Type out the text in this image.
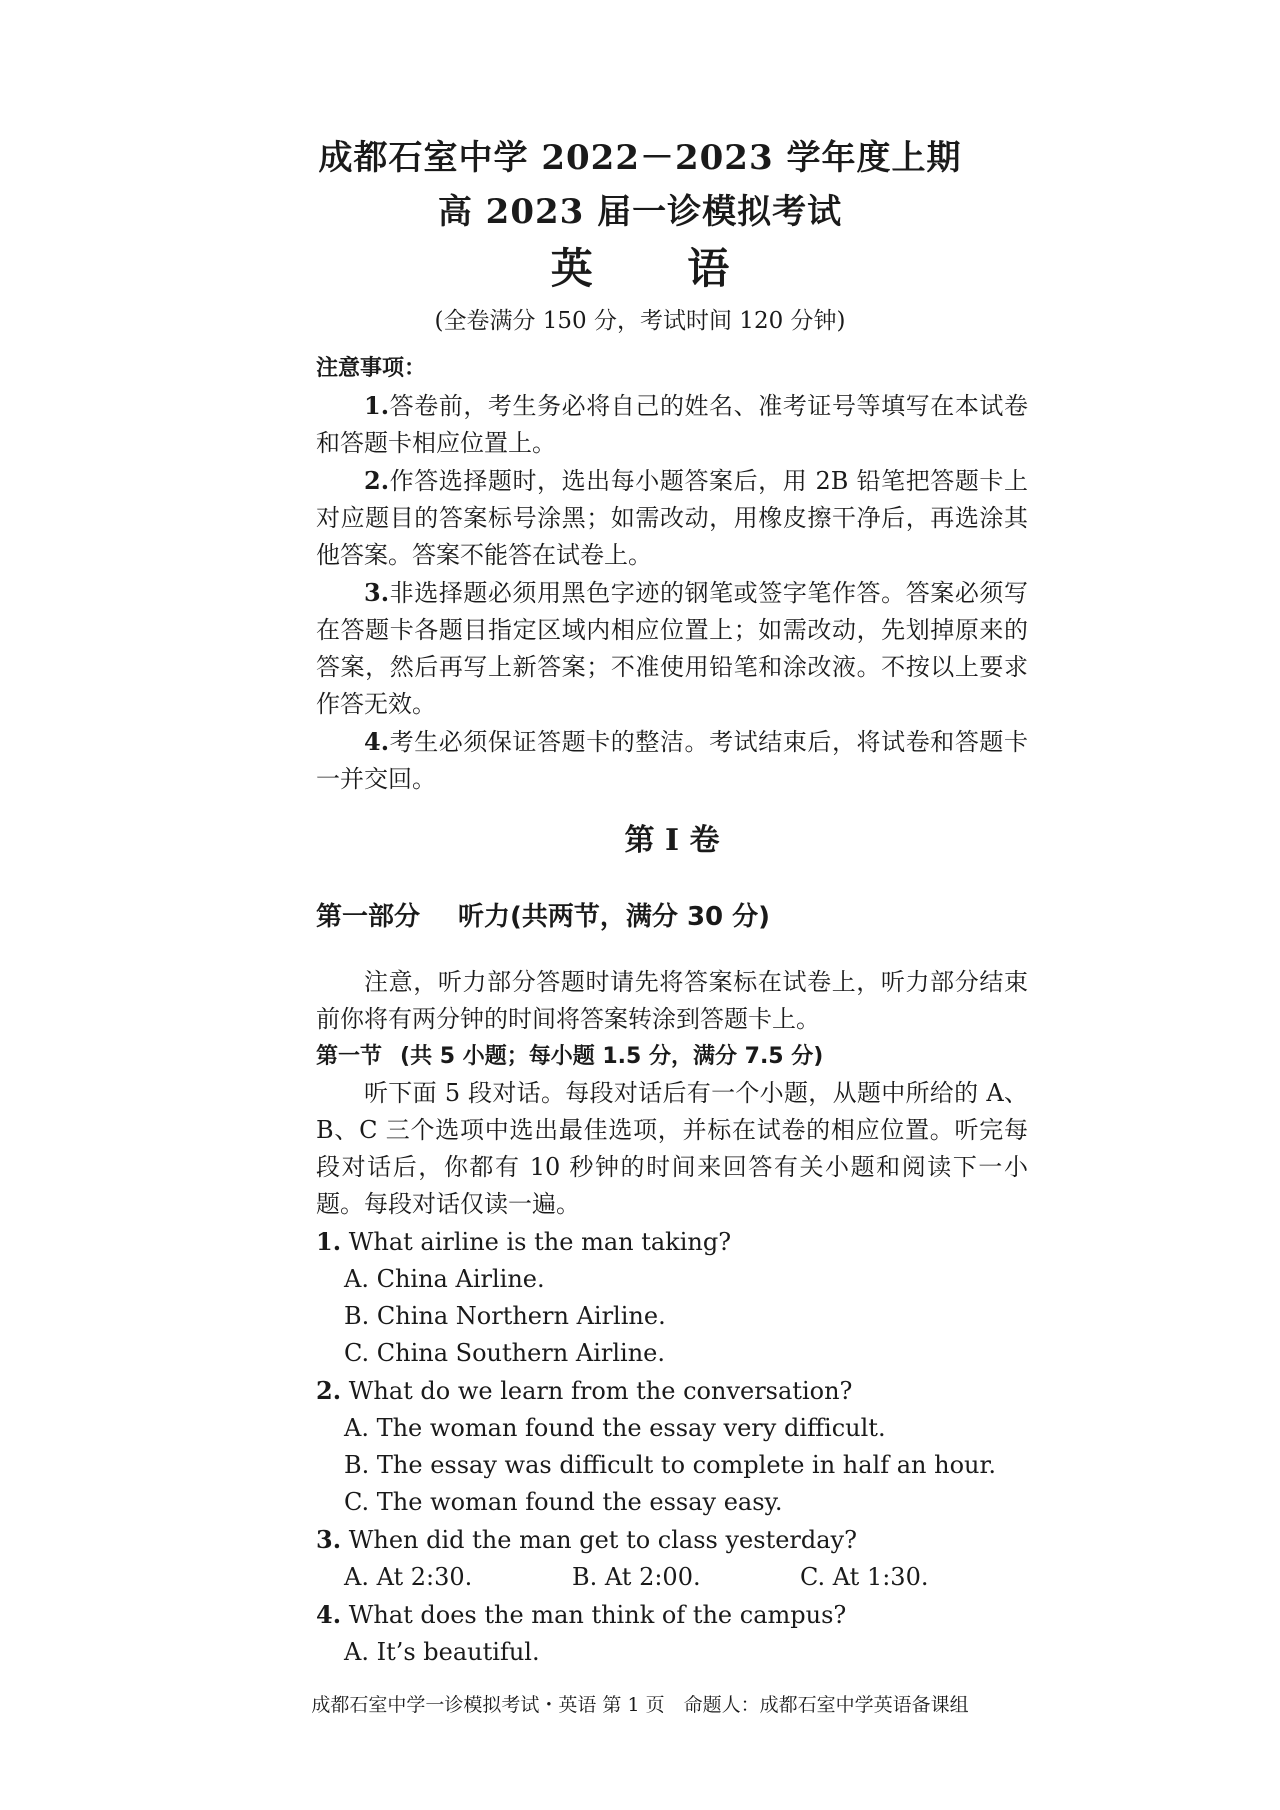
成都石室中学 2022－2023 学年度上期
高 2023 届一诊模拟考试
英 语
(全卷满分 150 分，考试时间 120 分钟)

注意事项：

1.答卷前，考生务必将自己的姓名、准考证号等填写在本试卷和答题卡相应位置上。

2.作答选择题时，选出每小题答案后，用 2B 铅笔把答题卡上对应题目的答案标号涂黑；如需改动，用橡皮擦干净后，再选涂其他答案。答案不能答在试卷上。

3.非选择题必须用黑色字迹的钢笔或签字笔作答。答案必须写在答题卡各题目指定区域内相应位置上；如需改动，先划掉原来的答案，然后再写上新答案；不准使用铅笔和涂改液。不按以上要求作答无效。

4.考生必须保证答题卡的整洁。考试结束后，将试卷和答题卡一并交回。

第 I 卷

第一部分 听力(共两节，满分 30 分)

注意，听力部分答题时请先将答案标在试卷上，听力部分结束前你将有两分钟的时间将答案转涂到答题卡上。

第一节 (共 5 小题；每小题 1.5 分，满分 7.5 分)

听下面 5 段对话。每段对话后有一个小题，从题中所给的 A、B、C 三个选项中选出最佳选项，并标在试卷的相应位置。听完每段对话后，你都有 10 秒钟的时间来回答有关小题和阅读下一小题。每段对话仅读一遍。

1. What airline is the man taking?

A. China Airline.

B. China Northern Airline.

C. China Southern Airline.

2. What do we learn from the conversation?

A. The woman found the essay very difficult.

B. The essay was difficult to complete in half an hour.

C. The woman found the essay easy.

3. When did the man get to class yesterday?

A. At 2:30.	B. At 2:00.	C. At 1:30.

4. What does the man think of the campus?

A. It’s beautiful.

成都石室中学一诊模拟考试・英语 第 1 页　命题人：成都石室中学英语备课组
